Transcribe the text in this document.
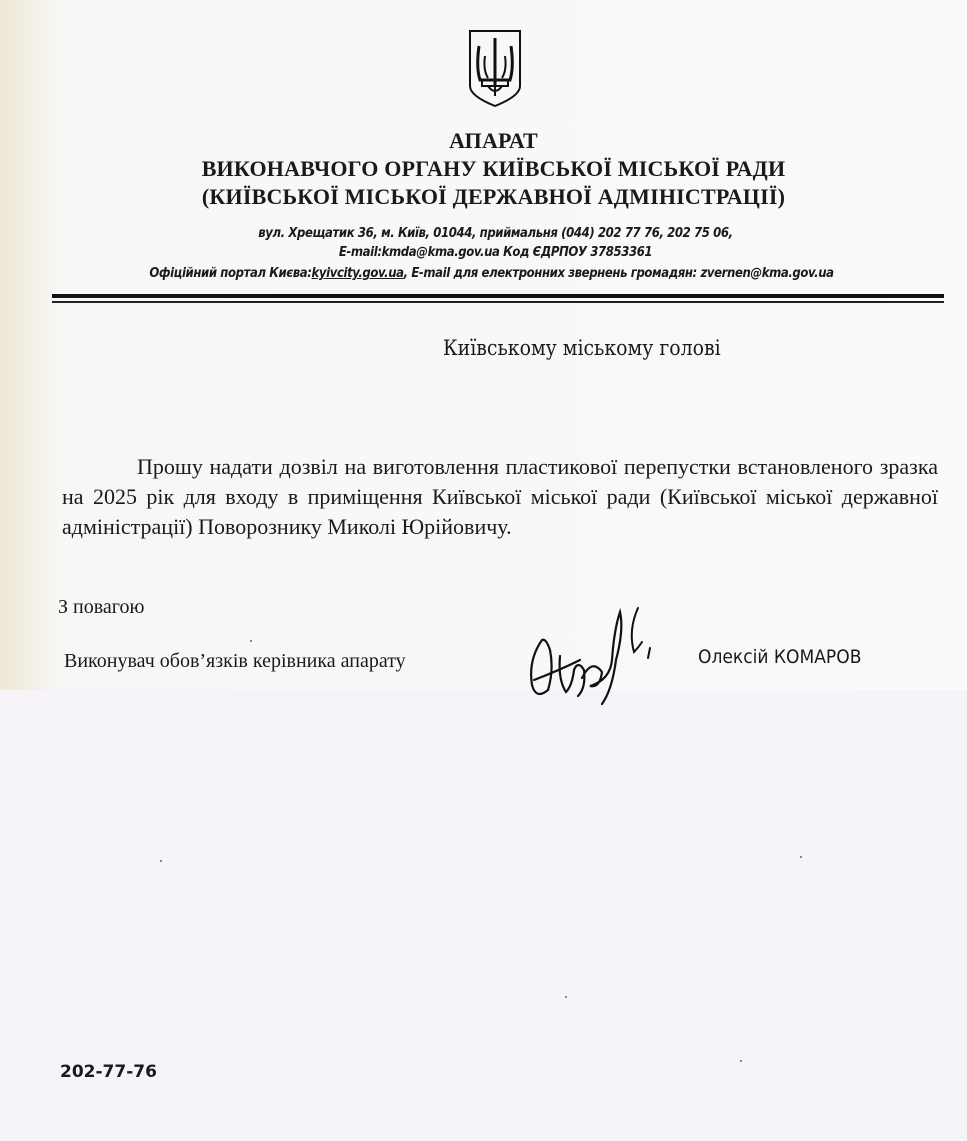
АПАРАТ
ВИКОНАВЧОГО ОРГАНУ КИЇВСЬКОЇ МІСЬКОЇ РАДИ
(КИЇВСЬКОЇ МІСЬКОЇ ДЕРЖАВНОЇ АДМІНІСТРАЦІЇ)
вул. Хрещатик 36, м. Київ, 01044, приймальня (044) 202 77 76, 202 75 06,
E-mail:kmda@kma.gov.ua Код ЄДРПОУ 37853361
Офіційний портал Києва:kyivcity.gov.ua, E-mail для електронних звернень громадян: zvernen@kma.gov.ua
Київському міському голові
Прошу надати дозвіл на виготовлення пластикової перепустки встановленого зразка на 2025 рік для входу в приміщення Київської міської ради (Київської міської державної адміністрації) Поворознику Миколі Юрійовичу.
З повагою
Виконувач обов’язків керівника апарату	Олексій КОМАРОВ
202-77-76
